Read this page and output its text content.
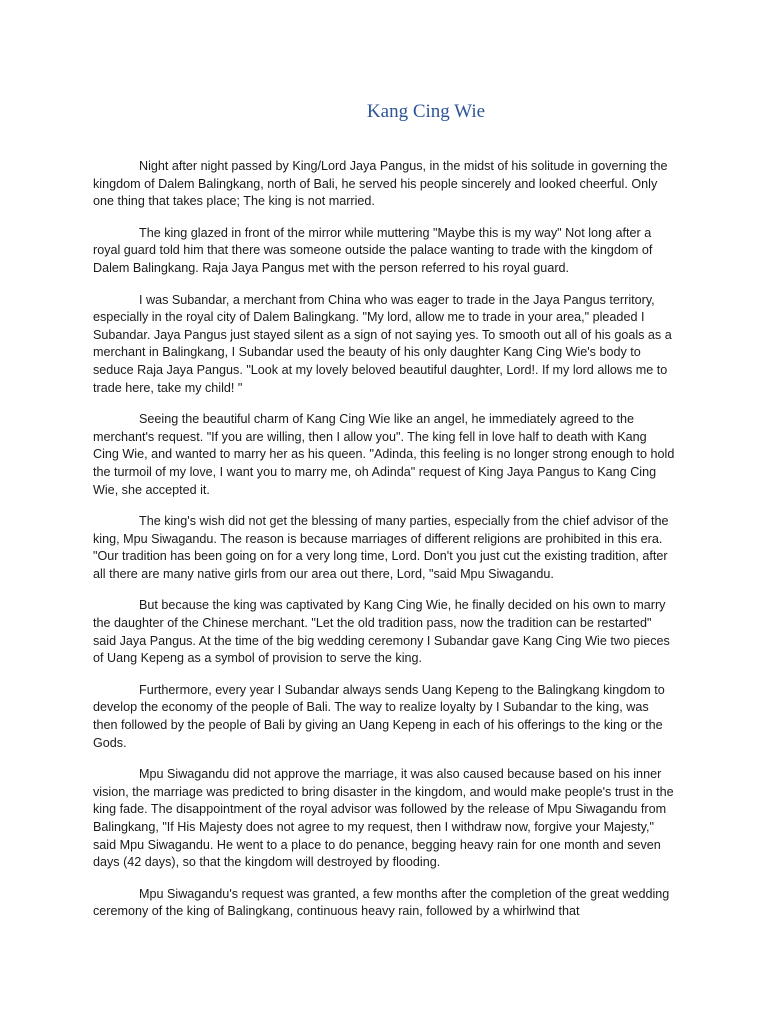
Kang Cing Wie

Night after night passed by King/Lord Jaya Pangus, in the midst of his solitude in governing the kingdom of Dalem Balingkang, north of Bali, he served his people sincerely and looked cheerful. Only one thing that takes place; The king is not married.

The king glazed in front of the mirror while muttering "Maybe this is my way" Not long after a royal guard told him that there was someone outside the palace wanting to trade with the kingdom of Dalem Balingkang. Raja Jaya Pangus met with the person referred to his royal guard.

I was Subandar, a merchant from China who was eager to trade in the Jaya Pangus territory, especially in the royal city of Dalem Balingkang. "My lord, allow me to trade in your area," pleaded I Subandar. Jaya Pangus just stayed silent as a sign of not saying yes. To smooth out all of his goals as a merchant in Balingkang, I Subandar used the beauty of his only daughter Kang Cing Wie's body to seduce Raja Jaya Pangus. "Look at my lovely beloved beautiful daughter, Lord!. If my lord allows me to trade here, take my child! "

Seeing the beautiful charm of Kang Cing Wie like an angel, he immediately agreed to the merchant's request. "If you are willing, then I allow you". The king fell in love half to death with Kang Cing Wie, and wanted to marry her as his queen. "Adinda, this feeling is no longer strong enough to hold the turmoil of my love, I want you to marry me, oh Adinda" request of King Jaya Pangus to Kang Cing Wie, she accepted it.

The king's wish did not get the blessing of many parties, especially from the chief advisor of the king, Mpu Siwagandu. The reason is because marriages of different religions are prohibited in this era. "Our tradition has been going on for a very long time, Lord. Don't you just cut the existing tradition, after all there are many native girls from our area out there, Lord, "said Mpu Siwagandu.

But because the king was captivated by Kang Cing Wie, he finally decided on his own to marry the daughter of the Chinese merchant. "Let the old tradition pass, now the tradition can be restarted" said Jaya Pangus. At the time of the big wedding ceremony I Subandar gave Kang Cing Wie two pieces of Uang Kepeng as a symbol of provision to serve the king.

Furthermore, every year I Subandar always sends Uang Kepeng to the Balingkang kingdom to develop the economy of the people of Bali. The way to realize loyalty by I Subandar to the king, was then followed by the people of Bali by giving an Uang Kepeng in each of his offerings to the king or the Gods.

Mpu Siwagandu did not approve the marriage, it was also caused because based on his inner vision, the marriage was predicted to bring disaster in the kingdom, and would make people's trust in the king fade. The disappointment of the royal advisor was followed by the release of Mpu Siwagandu from Balingkang, "If His Majesty does not agree to my request, then I withdraw now, forgive your Majesty," said Mpu Siwagandu. He went to a place to do penance, begging heavy rain for one month and seven days (42 days), so that the kingdom will destroyed by flooding.

Mpu Siwagandu's request was granted, a few months after the completion of the great wedding ceremony of the king of Balingkang, continuous heavy rain, followed by a whirlwind that
